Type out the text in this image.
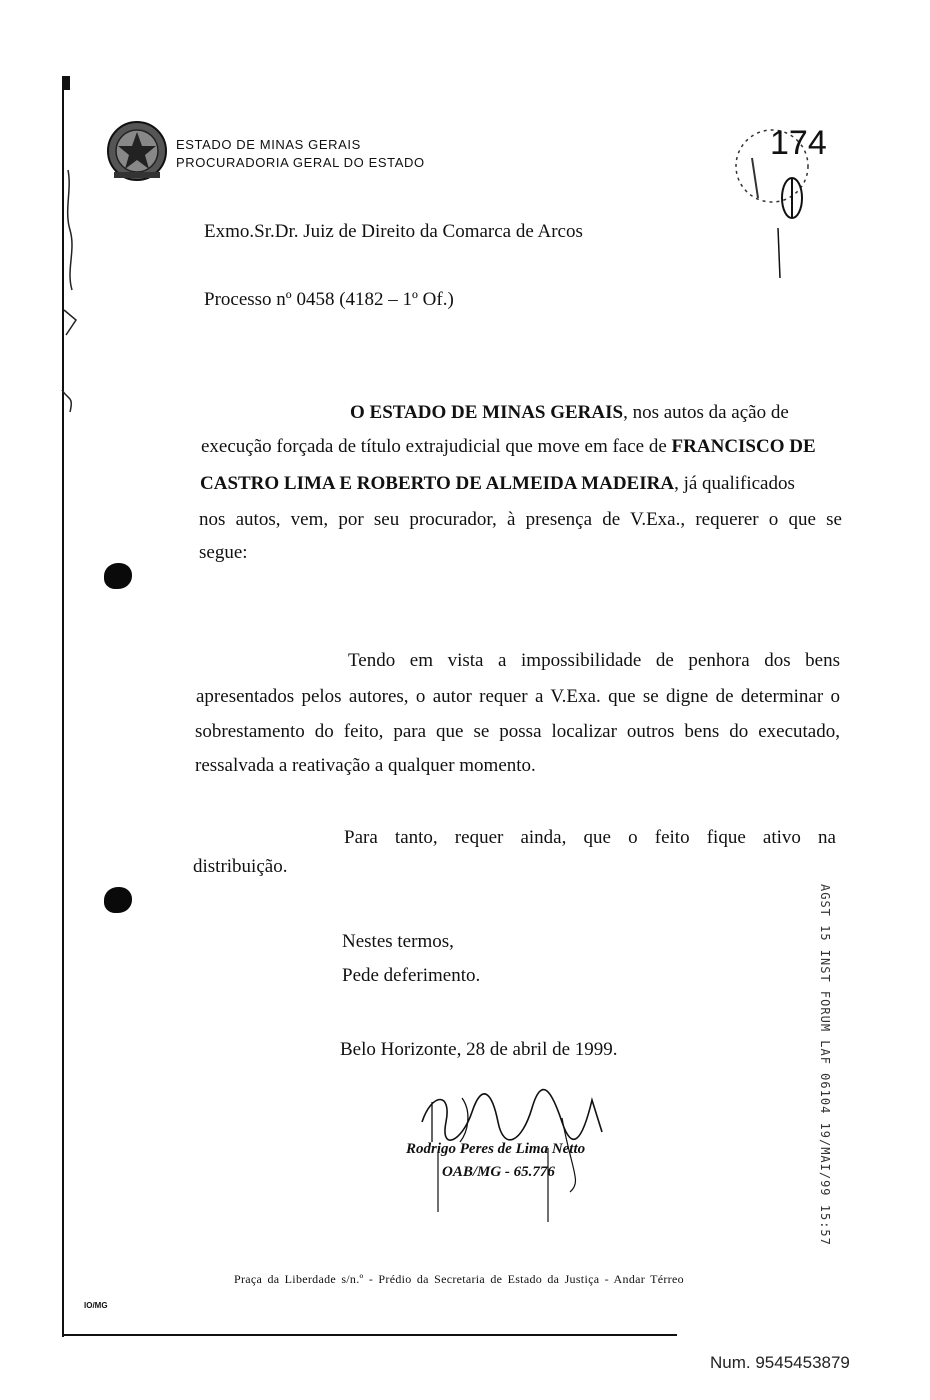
ESTADO DE MINAS GERAIS
PROCURADORIA GERAL DO ESTADO
174
Exmo.Sr.Dr. Juiz de Direito da Comarca de Arcos
Processo nº 0458 (4182 – 1º Of.)
O ESTADO DE MINAS GERAIS, nos autos da ação de
execução forçada de título extrajudicial que move em face de FRANCISCO DE
CASTRO LIMA E ROBERTO DE ALMEIDA MADEIRA, já qualificados
nos autos, vem, por seu procurador, à presença de V.Exa., requerer o que se
segue:
Tendo em vista a impossibilidade de penhora dos bens
apresentados pelos autores, o autor requer a V.Exa. que se digne de determinar o
sobrestamento do feito, para que se possa localizar outros bens do executado,
ressalvada a reativação a qualquer momento.
Para tanto, requer ainda, que o feito fique ativo na
distribuição.
Nestes termos,
Pede deferimento.
Belo Horizonte, 28 de abril de 1999.	AGST 15 INST FORUM LAF 06104 19/MAI/99 15:57
Rodrigo Peres de Lima Netto
OAB/MG - 65.776
Praça da Liberdade s/n.º - Prédio da Secretaria de Estado da Justiça - Andar Térreo
IO/MG
Num. 9545453879
